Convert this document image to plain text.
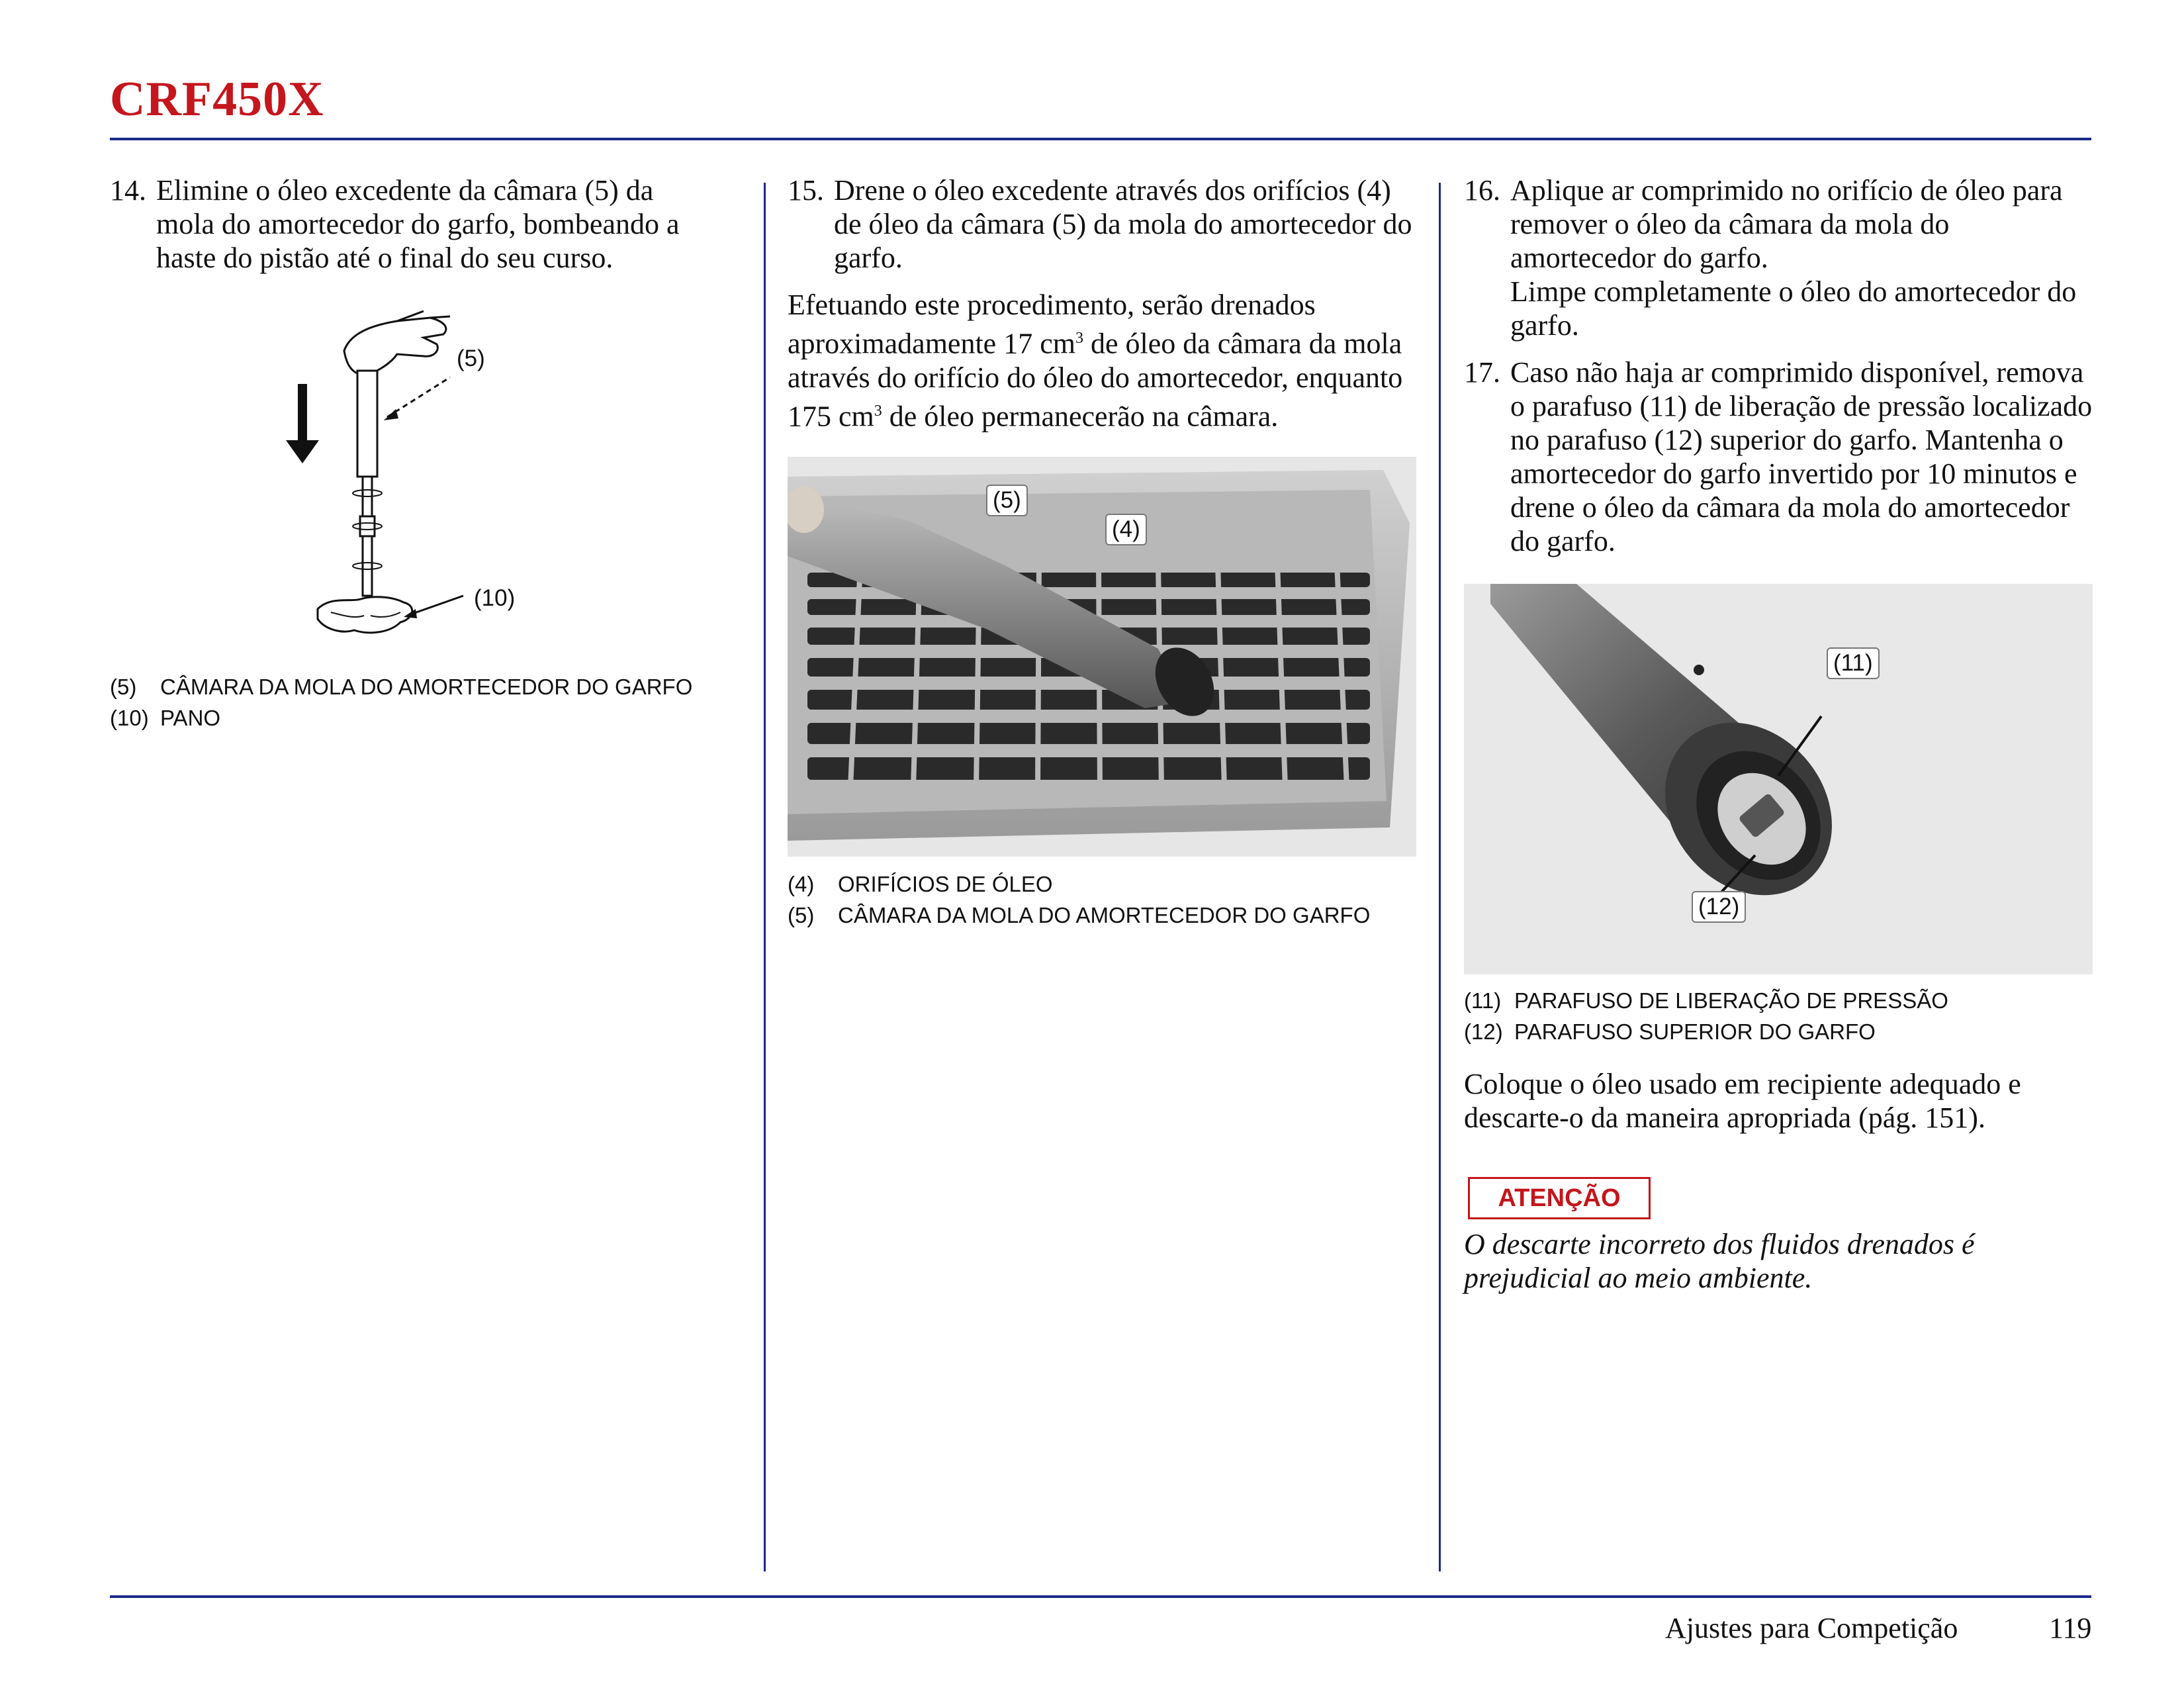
CRF450X
14. Elimine o óleo excedente da câmara (5) da mola do amortecedor do garfo, bombeando a haste do pistão até o final do seu curso.
(5)
(10)
(5) CÂMARA DA MOLA DO AMORTECEDOR DO GARFO
(10) PANO
15. Drene o óleo excedente através dos orifícios (4) de óleo da câmara (5) da mola do amortecedor do garfo.
Efetuando este procedimento, serão drenados aproximadamente 17 $cm^3$ de óleo da câmara da mola através do orifício do óleo do amortecedor, enquanto 175 $cm^3$ de óleo permanecerão na câmara.
(5)
(4)
(4) ORIFÍCIOS DE ÓLEO
(5) CÂMARA DA MOLA DO AMORTECEDOR DO GARFO
16. Aplique ar comprimido no orifício de óleo para remover o óleo da câmara da mola do amortecedor do garfo.
Limpe completamente o óleo do amortecedor do garfo.
17. Caso não haja ar comprimido disponível, remova o parafuso (11) de liberação de pressão localizado no parafuso (12) superior do garfo. Mantenha o amortecedor do garfo invertido por 10 minutos e drene o óleo da câmara da mola do amortecedor do garfo.
(11)
(12)
(11) PARAFUSO DE LIBERAÇÃO DE PRESSÃO
(12) PARAFUSO SUPERIOR DO GARFO
Coloque o óleo usado em recipiente adequado e descarte-o da maneira apropriada (pág. 151).
ATENÇÃO
O descarte incorreto dos fluidos drenados é prejudicial ao meio ambiente.
Ajustes para Competição	119
